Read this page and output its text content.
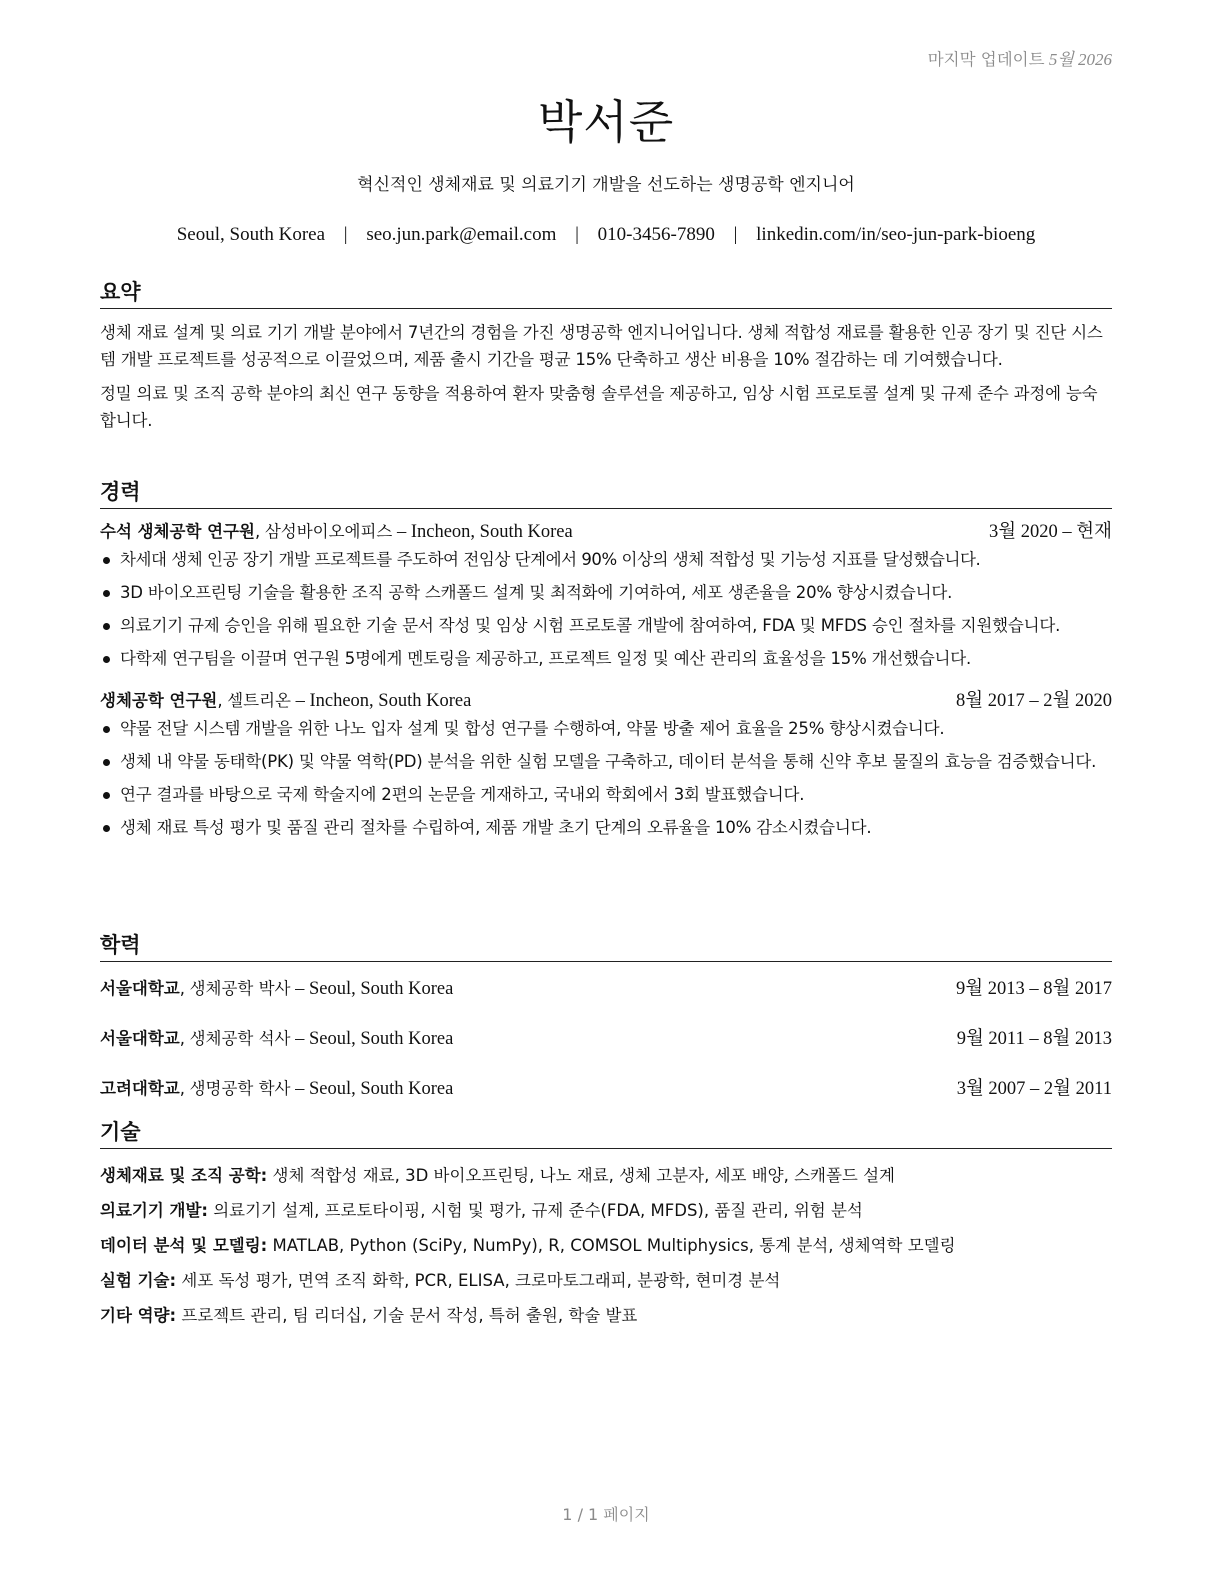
마지막 업데이트 5월 2026
박서준
혁신적인 생체재료 및 의료기기 개발을 선도하는 생명공학 엔지니어
Seoul, South Korea | seo.jun.park@email.com | 010-3456-7890 | linkedin.com/in/seo-jun-park-bioeng
요약

생체 재료 설계 및 의료 기기 개발 분야에서 7년간의 경험을 가진 생명공학 엔지니어입니다. 생체 적합성 재료를 활용한 인공 장기 및 진단 시스템 개발 프로젝트를 성공적으로 이끌었으며, 제품 출시 기간을 평균 15% 단축하고 생산 비용을 10% 절감하는 데 기여했습니다.

정밀 의료 및 조직 공학 분야의 최신 연구 동향을 적용하여 환자 맞춤형 솔루션을 제공하고, 임상 시험 프로토콜 설계 및 규제 준수 과정에 능숙합니다.

경력
수석 생체공학 연구원, 삼성바이오에피스 – Incheon, South Korea	3월 2020 – 현재
차세대 생체 인공 장기 개발 프로젝트를 주도하여 전임상 단계에서 90% 이상의 생체 적합성 및 기능성 지표를 달성했습니다.
3D 바이오프린팅 기술을 활용한 조직 공학 스캐폴드 설계 및 최적화에 기여하여, 세포 생존율을 20% 향상시켰습니다.
의료기기 규제 승인을 위해 필요한 기술 문서 작성 및 임상 시험 프로토콜 개발에 참여하여, FDA 및 MFDS 승인 절차를 지원했습니다.
다학제 연구팀을 이끌며 연구원 5명에게 멘토링을 제공하고, 프로젝트 일정 및 예산 관리의 효율성을 15% 개선했습니다.
생체공학 연구원, 셀트리온 – Incheon, South Korea	8월 2017 – 2월 2020
약물 전달 시스템 개발을 위한 나노 입자 설계 및 합성 연구를 수행하여, 약물 방출 제어 효율을 25% 향상시켰습니다.
생체 내 약물 동태학(PK) 및 약물 역학(PD) 분석을 위한 실험 모델을 구축하고, 데이터 분석을 통해 신약 후보 물질의 효능을 검증했습니다.
연구 결과를 바탕으로 국제 학술지에 2편의 논문을 게재하고, 국내외 학회에서 3회 발표했습니다.
생체 재료 특성 평가 및 품질 관리 절차를 수립하여, 제품 개발 초기 단계의 오류율을 10% 감소시켰습니다.
학력
서울대학교, 생체공학 박사 – Seoul, South Korea	9월 2013 – 8월 2017
서울대학교, 생체공학 석사 – Seoul, South Korea	9월 2011 – 8월 2013
고려대학교, 생명공학 학사 – Seoul, South Korea	3월 2007 – 2월 2011
기술
생체재료 및 조직 공학: 생체 적합성 재료, 3D 바이오프린팅, 나노 재료, 생체 고분자, 세포 배양, 스캐폴드 설계
의료기기 개발: 의료기기 설계, 프로토타이핑, 시험 및 평가, 규제 준수(FDA, MFDS), 품질 관리, 위험 분석
데이터 분석 및 모델링: MATLAB, Python (SciPy, NumPy), R, COMSOL Multiphysics, 통계 분석, 생체역학 모델링
실험 기술: 세포 독성 평가, 면역 조직 화학, PCR, ELISA, 크로마토그래피, 분광학, 현미경 분석
기타 역량: 프로젝트 관리, 팀 리더십, 기술 문서 작성, 특허 출원, 학술 발표
1 / 1 페이지
